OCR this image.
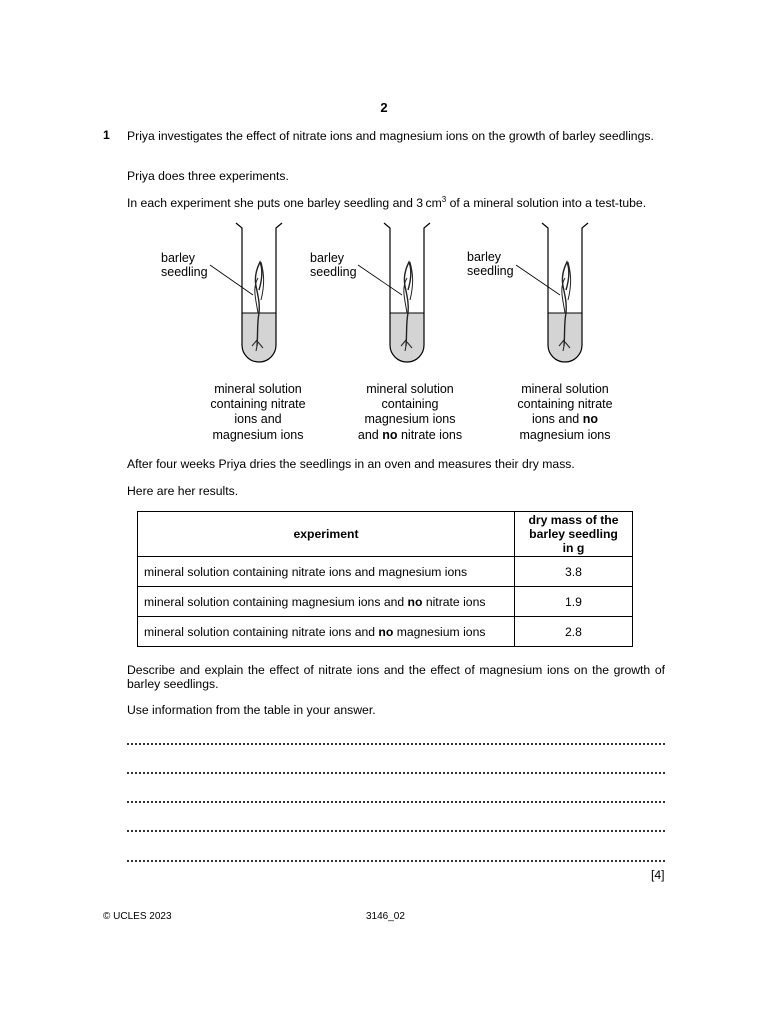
2
1 Priya investigates the effect of nitrate ions and magnesium ions on the growth of barley seedlings.
Priya does three experiments.
In each experiment she puts one barley seedling and 3 $cm^3$ of a mineral solution into a test-tube.
barley
seedling
barley
seedling
barley
seedling
mineral solution
containing nitrate
ions and
magnesium ions
mineral solution
containing
magnesium ions
and no nitrate ions
mineral solution
containing nitrate
ions and no
magnesium ions
After four weeks Priya dries the seedlings in an oven and measures their dry mass.
Here are her results.
experiment	dry mass of the
barley seedling
in g

mineral solution containing nitrate ions and magnesium ions	3.8
mineral solution containing magnesium ions and no nitrate ions	1.9
mineral solution containing nitrate ions and no magnesium ions	2.8
Describe and explain the effect of nitrate ions and the effect of magnesium ions on the growth of barley seedlings.
Use information from the table in your answer.
[4]
© UCLES 2023	3146_02
